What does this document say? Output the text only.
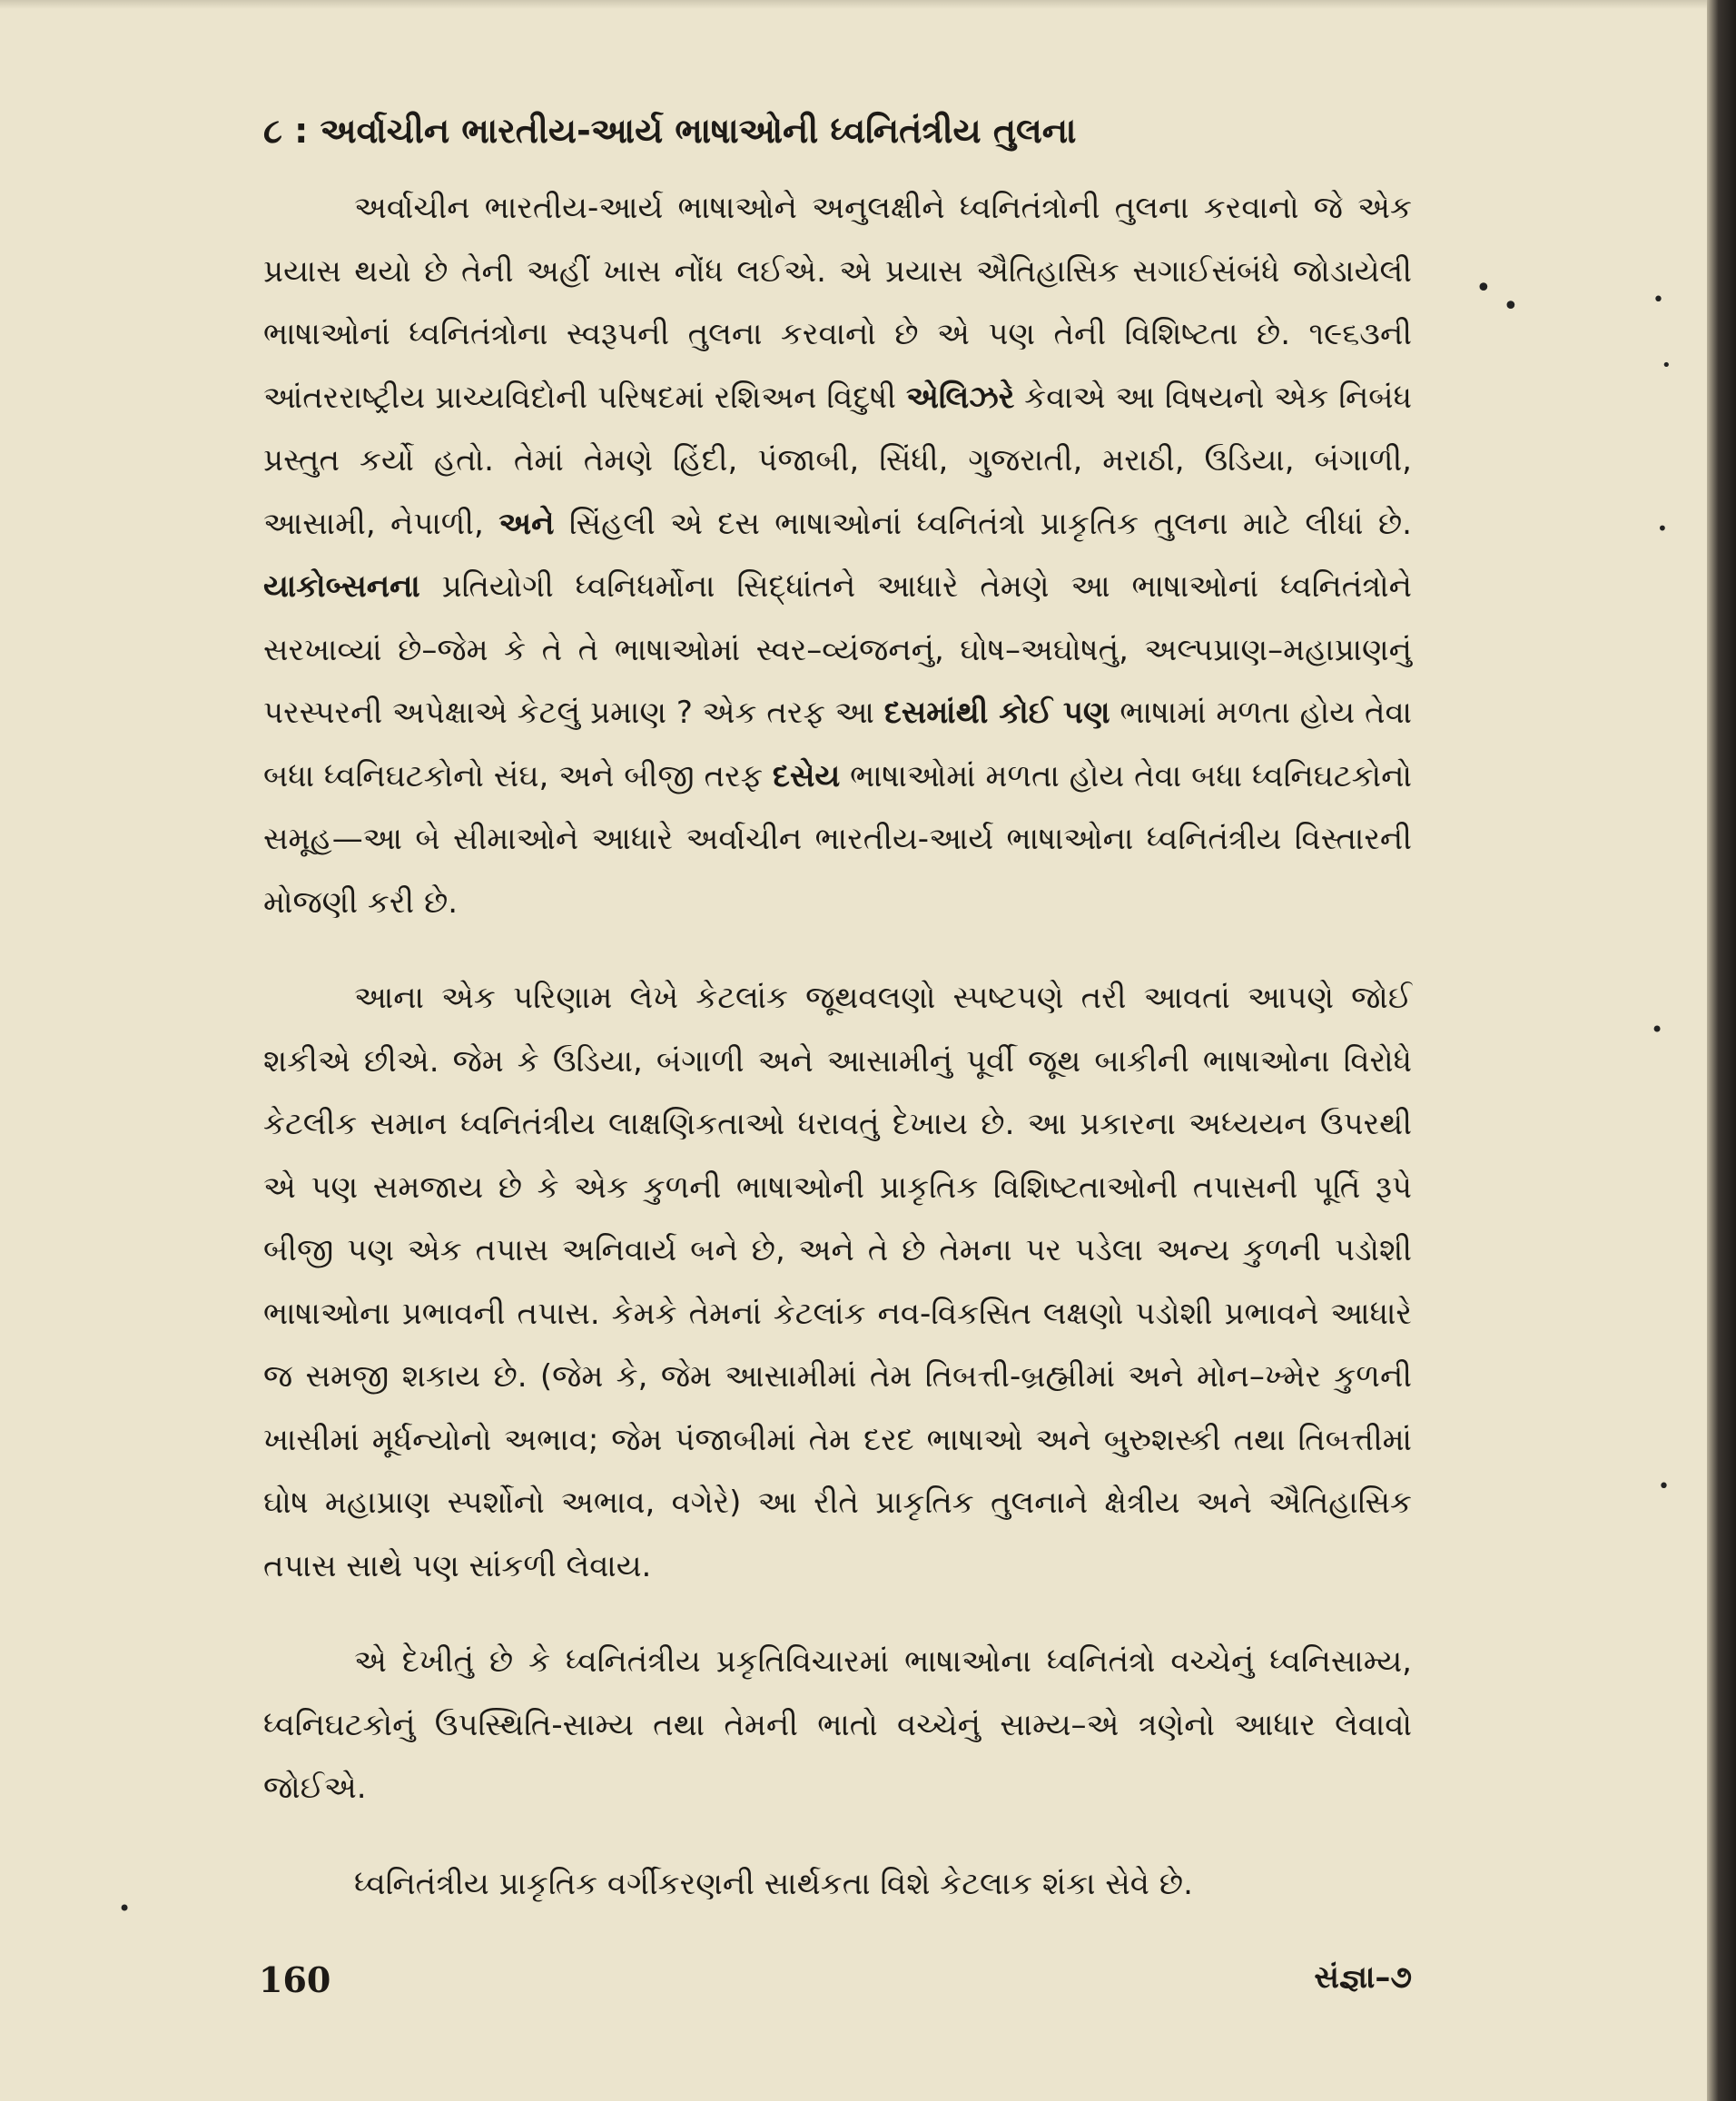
૮ : અર્વાચીન ભારતીય-આર્ય ભાષાઓની ધ્વનિતંત્રીય તુલના

અર્વાચીન ભારતીય-આર્ય ભાષાઓને અનુલક્ષીને ધ્વનિતંત્રોની તુલના કરવાનો જે એક પ્રયાસ થયો છે તેની અહીં ખાસ નોંધ લઈએ. એ પ્રયાસ ઐતિહાસિક સગાઈસંબંધે જોડાયેલી ભાષાઓનાં ધ્વનિતંત્રોના સ્વરૂપની તુલના કરવાનો છે એ પણ તેની વિશિષ્ટતા છે. ૧૯૬૩ની આંતરરાષ્ટ્રીય પ્રાચ્યવિદોની પરિષદમાં રશિઅન વિદુષી એલિઝરે કેવાએ આ વિષયનો એક નિબંધ પ્રસ્તુત કર્યો હતો. તેમાં તેમણે હિંદી, પંજાબી, સિંધી, ગુજરાતી, મરાઠી, ઉડિયા, બંગાળી, આસામી, નેપાળી, અને સિંહલી એ દસ ભાષાઓનાં ધ્વનિતંત્રો પ્રાકૃતિક તુલના માટે લીધાં છે. યાકોબ્સનના પ્રતિયોગી ધ્વનિધર્મોના સિદ્ધાંતને આધારે તેમણે આ ભાષાઓનાં ધ્વનિતંત્રોને સરખાવ્યાં છે–જેમ કે તે તે ભાષાઓમાં સ્વર–વ્યંજનનું, ઘોષ–અઘોષતું, અલ્પપ્રાણ–મહાપ્રાણનું પરસ્પરની અપેક્ષાએ કેટલું પ્રમાણ ? એક તરફ આ દસમાંથી કોઈ પણ ભાષામાં મળતા હોય તેવા બધા ધ્વનિઘટકોનો સંઘ, અને બીજી તરફ દસેય ભાષાઓમાં મળતા હોય તેવા બધા ધ્વનિઘટકોનો સમૂહ—આ બે સીમાઓને આધારે અર્વાચીન ભારતીય-આર્ય ભાષાઓના ધ્વનિતંત્રીય વિસ્તારની મોજણી કરી છે.

આના એક પરિણામ લેખે કેટલાંક જૂથવલણો સ્પષ્ટપણે તરી આવતાં આપણે જોઈ શકીએ છીએ. જેમ કે ઉડિયા, બંગાળી અને આસામીનું પૂર્વી જૂથ બાકીની ભાષાઓના વિરોધે કેટલીક સમાન ધ્વનિતંત્રીય લાક્ષણિકતાઓ ધરાવતું દેખાય છે. આ પ્રકારના અધ્યયન ઉપરથી એ પણ સમજાય છે કે એક કુળની ભાષાઓની પ્રાકૃતિક વિશિષ્ટતાઓની તપાસની પૂર્તિ રૂપે બીજી પણ એક તપાસ અનિવાર્ય બને છે, અને તે છે તેમના પર પડેલા અન્ય કુળની પડોશી ભાષાઓના પ્રભાવની તપાસ. કેમકે તેમનાં કેટલાંક નવ-વિકસિત લક્ષણો પડોશી પ્રભાવને આધારે જ સમજી શકાય છે. (જેમ કે, જેમ આસામીમાં તેમ તિબત્તી-બ્રહ્મીમાં અને મોન–ખ્મેર કુળની ખાસીમાં મૂર્ધન્યોનો અભાવ; જેમ પંજાબીમાં તેમ દરદ ભાષાઓ અને બુરુશસ્કી તથા તિબત્તીમાં ઘોષ મહાપ્રાણ સ્પર્શોનો અભાવ, વગેરે) આ રીતે પ્રાકૃતિક તુલનાને ક્ષેત્રીય અને ઐતિહાસિક તપાસ સાથે પણ સાંકળી લેવાય.

એ દેખીતું છે કે ધ્વનિતંત્રીય પ્રકૃતિવિચારમાં ભાષાઓના ધ્વનિતંત્રો વચ્ચેનું ધ્વનિસામ્ય, ધ્વનિઘટકોનું ઉપસ્થિતિ-સામ્ય તથા તેમની ભાતો વચ્ચેનું સામ્ય–એ ત્રણેનો આધાર લેવાવો જોઈએ.

ધ્વનિતંત્રીય પ્રાકૃતિક વર્ગીકરણની સાર્થકતા વિશે કેટલાક શંકા સેવે છે.

160	સંજ્ઞા–૭
•
•	•
•
•
•
•
•
